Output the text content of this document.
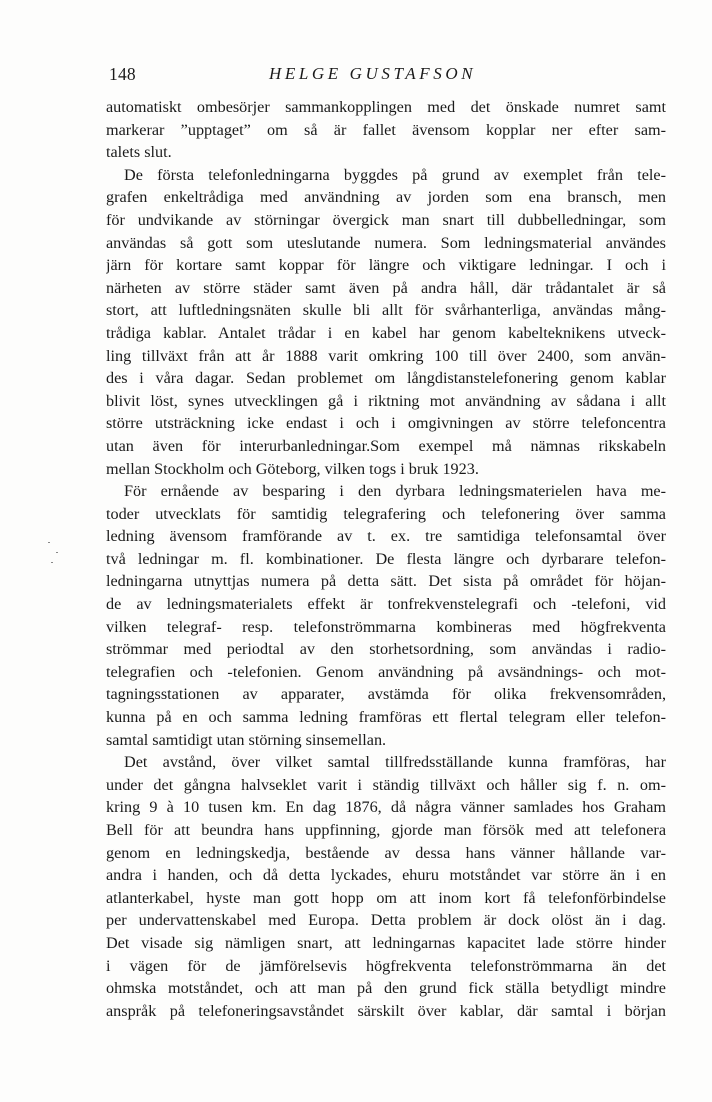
148	HELGE GUSTAFSON
automatiskt ombesörjer sammankopplingen med det önskade numret samt
markerar ”upptaget” om så är fallet ävensom kopplar ner efter sam-
talets slut.
De första telefonledningarna byggdes på grund av exemplet från tele-
grafen enkeltrådiga med användning av jorden som ena bransch, men
för undvikande av störningar övergick man snart till dubbelledningar, som
användas så gott som uteslutande numera. Som ledningsmaterial användes
järn för kortare samt koppar för längre och viktigare ledningar. I och i
närheten av större städer samt även på andra håll, där trådantalet är så
stort, att luftledningsnäten skulle bli allt för svårhanterliga, användas mång-
trådiga kablar. Antalet trådar i en kabel har genom kabelteknikens utveck-
ling tillväxt från att år 1888 varit omkring 100 till över 2400, som använ-
des i våra dagar. Sedan problemet om långdistanstelefonering genom kablar
blivit löst, synes utvecklingen gå i riktning mot användning av sådana i allt
större utsträckning icke endast i och i omgivningen av större telefoncentra
utan även för interurbanledningar.Som exempel må nämnas rikskabeln
mellan Stockholm och Göteborg, vilken togs i bruk 1923.
För ernående av besparing i den dyrbara ledningsmaterielen hava me-
toder utvecklats för samtidig telegrafering och telefonering över samma
ledning ävensom framförande av t. ex. tre samtidiga telefonsamtal över
två ledningar m. fl. kombinationer. De flesta längre och dyrbarare telefon-
ledningarna utnyttjas numera på detta sätt. Det sista på området för höjan-
de av ledningsmaterialets effekt är tonfrekvenstelegrafi och -telefoni, vid
vilken telegraf- resp. telefonströmmarna kombineras med högfrekventa
strömmar med periodtal av den storhetsordning, som användas i radio-
telegrafien och -telefonien. Genom användning på avsändnings- och mot-
tagningsstationen av apparater, avstämda för olika frekvensområden,
kunna på en och samma ledning framföras ett flertal telegram eller telefon-
samtal samtidigt utan störning sinsemellan.
Det avstånd, över vilket samtal tillfredsställande kunna framföras, har
under det gångna halvseklet varit i ständig tillväxt och håller sig f. n. om-
kring 9 à 10 tusen km. En dag 1876, då några vänner samlades hos Graham
Bell för att beundra hans uppfinning, gjorde man försök med att telefonera
genom en ledningskedja, bestående av dessa hans vänner hållande var-
andra i handen, och då detta lyckades, ehuru motståndet var större än i en
atlanterkabel, hyste man gott hopp om att inom kort få telefonförbindelse
per undervattenskabel med Europa. Detta problem är dock olöst än i dag.
Det visade sig nämligen snart, att ledningarnas kapacitet lade större hinder
i vägen för de jämförelsevis högfrekventa telefonströmmarna än det
ohmska motståndet, och att man på den grund fick ställa betydligt mindre
anspråk på telefoneringsavståndet särskilt över kablar, där samtal i början
